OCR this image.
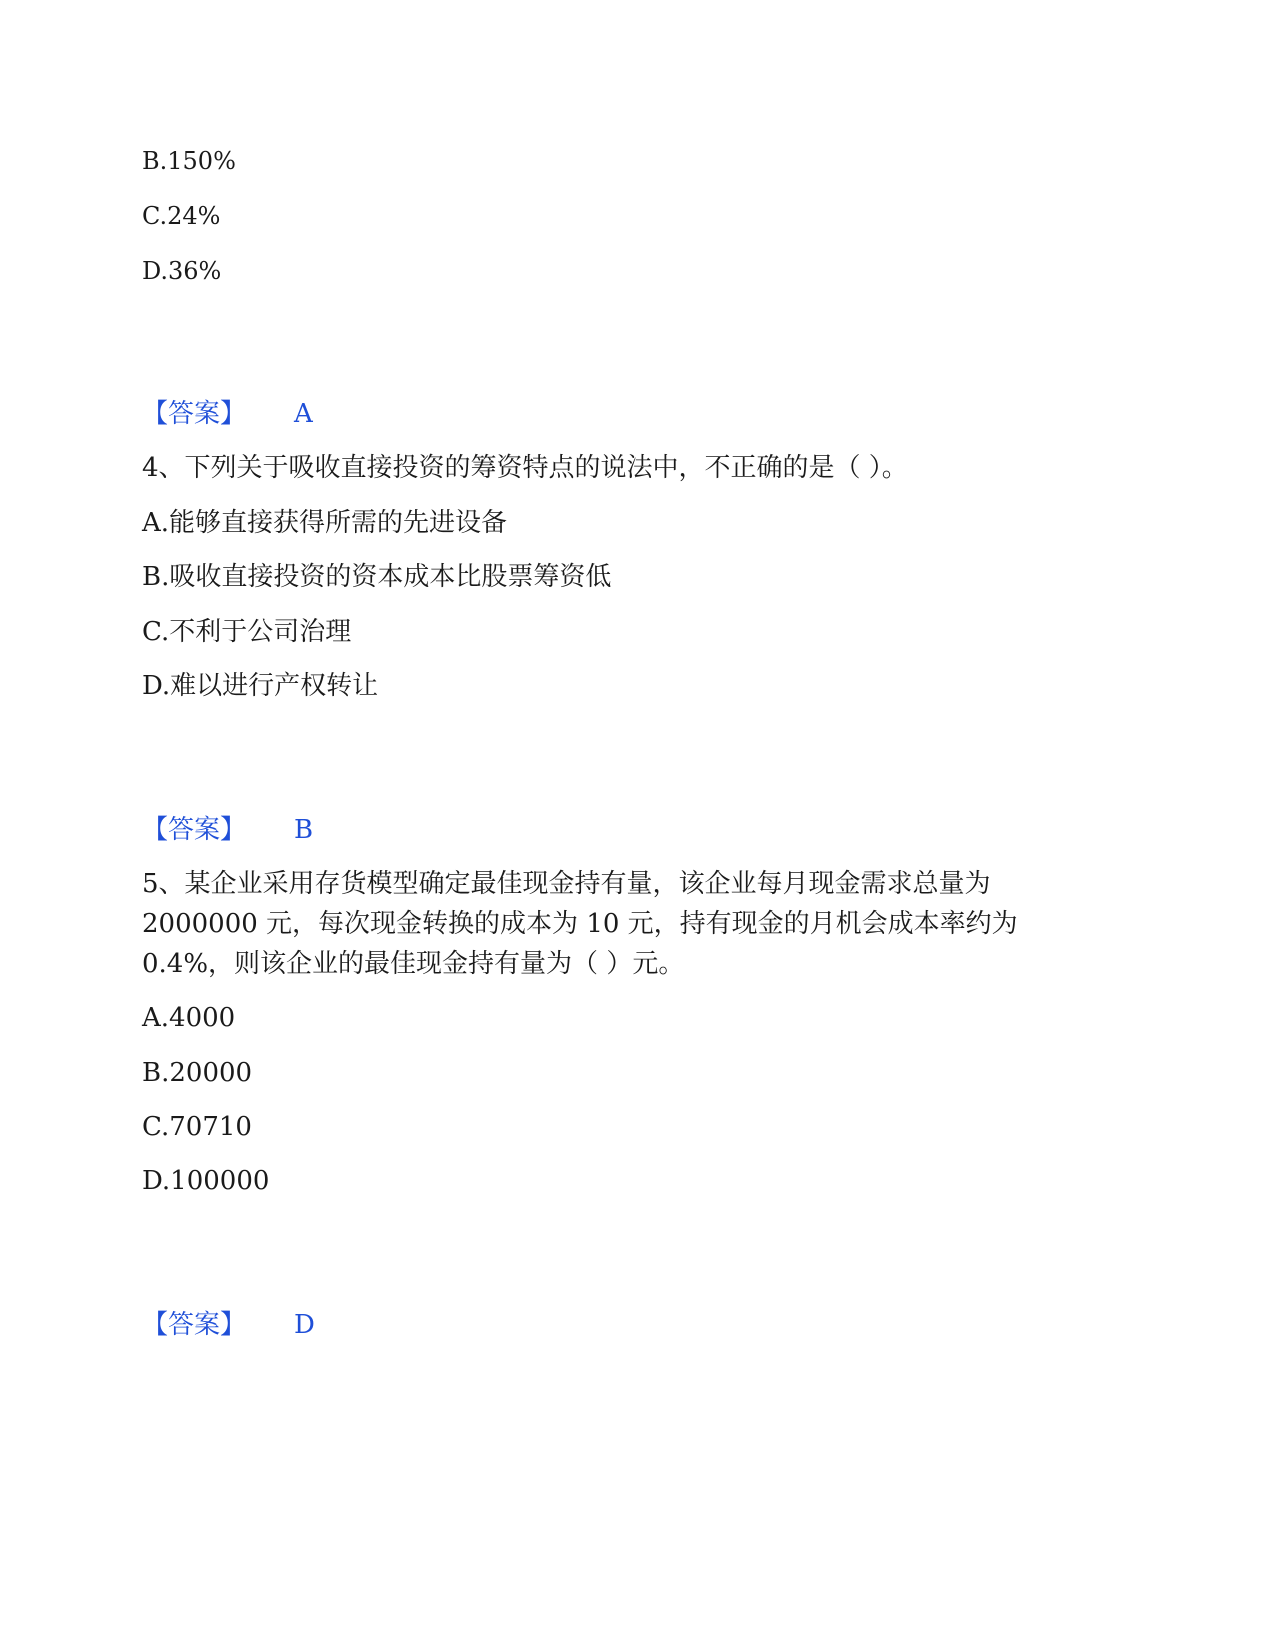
B.150%
C.24%
D.36%
【答案】 A
4、下列关于吸收直接投资的筹资特点的说法中，不正确的是（ ）。
A.能够直接获得所需的先进设备
B.吸收直接投资的资本成本比股票筹资低
C.不利于公司治理
D.难以进行产权转让
【答案】 B
5、某企业采用存货模型确定最佳现金持有量，该企业每月现金需求总量为
2000000 元，每次现金转换的成本为 10 元，持有现金的月机会成本率约为
0.4%，则该企业的最佳现金持有量为（ ）元。
A.4000
B.20000
C.70710
D.100000
【答案】 D
